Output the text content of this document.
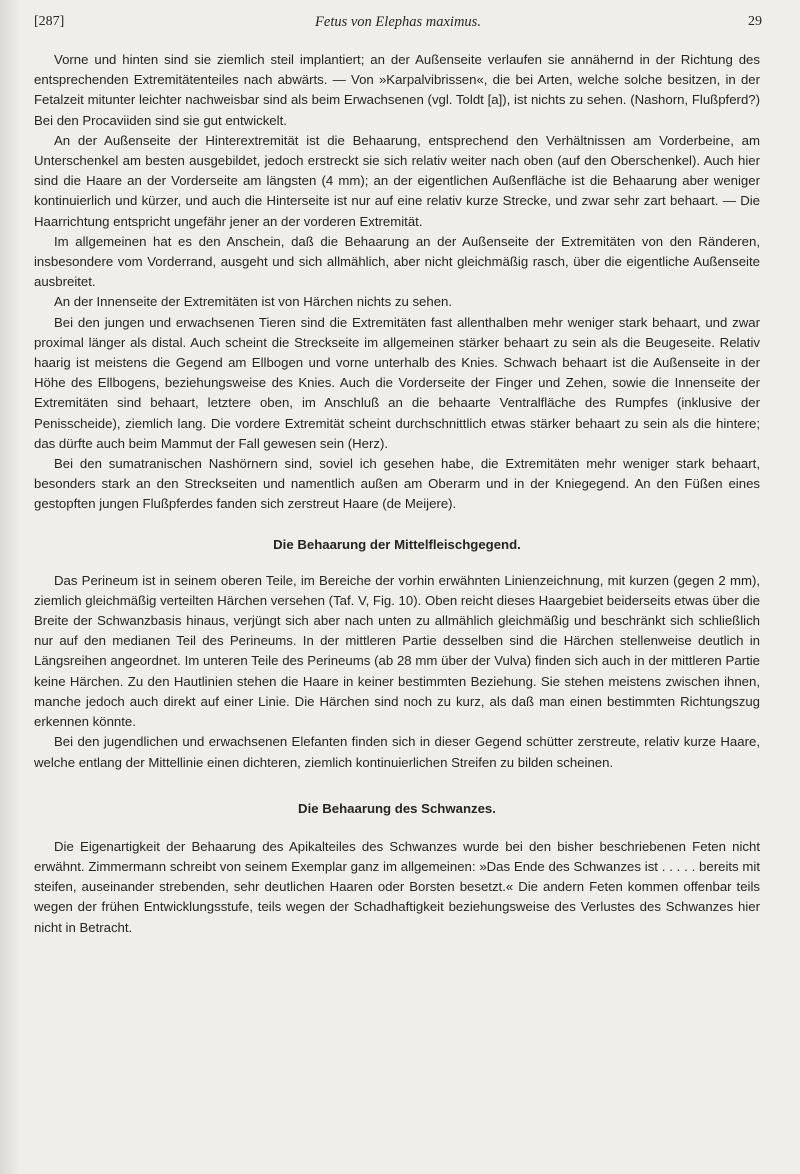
[287]	Fetus von Elephas maximus.	29

Vorne und hinten sind sie ziemlich steil implantiert; an der Außenseite verlaufen sie annähernd in der Richtung des entsprechenden Extremitätenteiles nach abwärts. — Von »Karpalvibrissen«, die bei Arten, welche solche besitzen, in der Fetalzeit mitunter leichter nachweisbar sind als beim Erwachsenen (vgl. Toldt [a]), ist nichts zu sehen. (Nashorn, Flußpferd?) Bei den Procaviiden sind sie gut entwickelt.

An der Außenseite der Hinterextremität ist die Behaarung, entsprechend den Verhältnissen am Vorderbeine, am Unterschenkel am besten ausgebildet, jedoch erstreckt sie sich relativ weiter nach oben (auf den Oberschenkel). Auch hier sind die Haare an der Vorderseite am längsten (4 mm); an der eigentlichen Außenfläche ist die Behaarung aber weniger kontinuierlich und kürzer, und auch die Hinterseite ist nur auf eine relativ kurze Strecke, und zwar sehr zart behaart. — Die Haarrichtung entspricht ungefähr jener an der vorderen Extremität.

Im allgemeinen hat es den Anschein, daß die Behaarung an der Außenseite der Extremitäten von den Ränderen, insbesondere vom Vorderrand, ausgeht und sich allmählich, aber nicht gleichmäßig rasch, über die eigentliche Außenseite ausbreitet.

An der Innenseite der Extremitäten ist von Härchen nichts zu sehen.

Bei den jungen und erwachsenen Tieren sind die Extremitäten fast allenthalben mehr weniger stark behaart, und zwar proximal länger als distal. Auch scheint die Streckseite im allgemeinen stärker behaart zu sein als die Beugeseite. Relativ haarig ist meistens die Gegend am Ellbogen und vorne unterhalb des Knies. Schwach behaart ist die Außenseite in der Höhe des Ellbogens, beziehungsweise des Knies. Auch die Vorderseite der Finger und Zehen, sowie die Innenseite der Extremitäten sind behaart, letztere oben, im Anschluß an die behaarte Ventralfläche des Rumpfes (inklusive der Penisscheide), ziemlich lang. Die vordere Extremität scheint durchschnittlich etwas stärker behaart zu sein als die hintere; das dürfte auch beim Mammut der Fall gewesen sein (Herz).

Bei den sumatranischen Nashörnern sind, soviel ich gesehen habe, die Extremitäten mehr weniger stark behaart, besonders stark an den Streckseiten und namentlich außen am Oberarm und in der Kniegegend. An den Füßen eines gestopften jungen Flußpferdes fanden sich zerstreut Haare (de Meijere).

Die Behaarung der Mittelfleischgegend.

Das Perineum ist in seinem oberen Teile, im Bereiche der vorhin erwähnten Linienzeichnung, mit kurzen (gegen 2 mm), ziemlich gleichmäßig verteilten Härchen versehen (Taf. V, Fig. 10). Oben reicht dieses Haargebiet beiderseits etwas über die Breite der Schwanzbasis hinaus, verjüngt sich aber nach unten zu allmählich gleichmäßig und beschränkt sich schließlich nur auf den medianen Teil des Perineums. In der mittleren Partie desselben sind die Härchen stellenweise deutlich in Längsreihen angeordnet. Im unteren Teile des Perineums (ab 28 mm über der Vulva) finden sich auch in der mittleren Partie keine Härchen. Zu den Hautlinien stehen die Haare in keiner bestimmten Beziehung. Sie stehen meistens zwischen ihnen, manche jedoch auch direkt auf einer Linie. Die Härchen sind noch zu kurz, als daß man einen bestimmten Richtungszug erkennen könnte.

Bei den jugendlichen und erwachsenen Elefanten finden sich in dieser Gegend schütter zerstreute, relativ kurze Haare, welche entlang der Mittellinie einen dichteren, ziemlich kontinuierlichen Streifen zu bilden scheinen.

Die Behaarung des Schwanzes.

Die Eigenartigkeit der Behaarung des Apikalteiles des Schwanzes wurde bei den bisher beschriebenen Feten nicht erwähnt. Zimmermann schreibt von seinem Exemplar ganz im allgemeinen: »Das Ende des Schwanzes ist . . . . . bereits mit steifen, auseinander strebenden, sehr deutlichen Haaren oder Borsten besetzt.« Die andern Feten kommen offenbar teils wegen der frühen Entwicklungsstufe, teils wegen der Schadhaftigkeit beziehungsweise des Verlustes des Schwanzes hier nicht in Betracht.
